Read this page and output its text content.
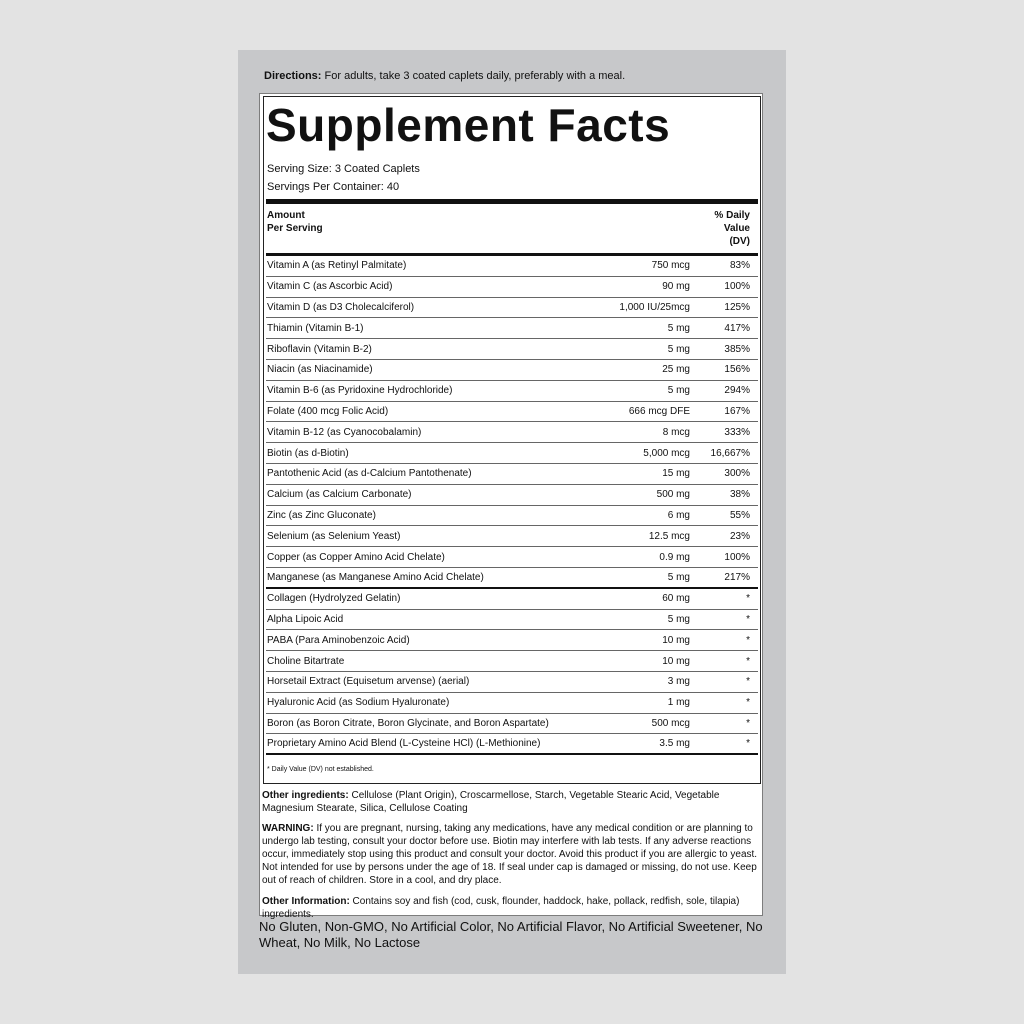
Directions: For adults, take 3 coated caplets daily, preferably with a meal.
Supplement Facts
Serving Size: 3 Coated Caplets
Servings Per Container: 40
Amount
Per Serving
% Daily
Value
(DV)
Vitamin A (as Retinyl Palmitate)	750 mcg	83%
Vitamin C (as Ascorbic Acid)	90 mg	100%
Vitamin D (as D3 Cholecalciferol)	1,000 IU/25mcg	125%
Thiamin (Vitamin B-1)	5 mg	417%
Riboflavin (Vitamin B-2)	5 mg	385%
Niacin (as Niacinamide)	25 mg	156%
Vitamin B-6 (as Pyridoxine Hydrochloride)	5 mg	294%
Folate (400 mcg Folic Acid)	666 mcg DFE	167%
Vitamin B-12 (as Cyanocobalamin)	8 mcg	333%
Biotin (as d-Biotin)	5,000 mcg 16,667%
Pantothenic Acid (as d-Calcium Pantothenate)	15 mg	300%
Calcium (as Calcium Carbonate)	500 mg	38%
Zinc (as Zinc Gluconate)	6 mg	55%
Selenium (as Selenium Yeast)	12.5 mcg	23%
Copper (as Copper Amino Acid Chelate)	0.9 mg	100%
Manganese (as Manganese Amino Acid Chelate)	5 mg	217%
Collagen (Hydrolyzed Gelatin)	60 mg	*
Alpha Lipoic Acid	5 mg	*
PABA (Para Aminobenzoic Acid)	10 mg	*
Choline Bitartrate	10 mg	*
Horsetail Extract (Equisetum arvense) (aerial)	3 mg	*
Hyaluronic Acid (as Sodium Hyaluronate)	1 mg	*
Boron (as Boron Citrate, Boron Glycinate, and Boron Aspartate)	500 mcg	*
Proprietary Amino Acid Blend (L-Cysteine HCl) (L-Methionine)	3.5 mg	*
* Daily Value (DV) not established.
Other ingredients: Cellulose (Plant Origin), Croscarmellose, Starch, Vegetable Stearic Acid, Vegetable Magnesium Stearate, Silica, Cellulose Coating
WARNING: If you are pregnant, nursing, taking any medications, have any medical condition or are planning to undergo lab testing, consult your doctor before use. Biotin may interfere with lab tests. If any adverse reactions occur, immediately stop using this product and consult your doctor. Avoid this product if you are allergic to yeast. Not intended for use by persons under the age of 18. If seal under cap is damaged or missing, do not use. Keep out of reach of children. Store in a cool, and dry place.
Other Information: Contains soy and fish (cod, cusk, flounder, haddock, hake, pollack, redfish, sole, tilapia) ingredients.
No Gluten, Non-GMO, No Artificial Color, No Artificial Flavor, No Artificial Sweetener, No Wheat, No Milk, No Lactose
